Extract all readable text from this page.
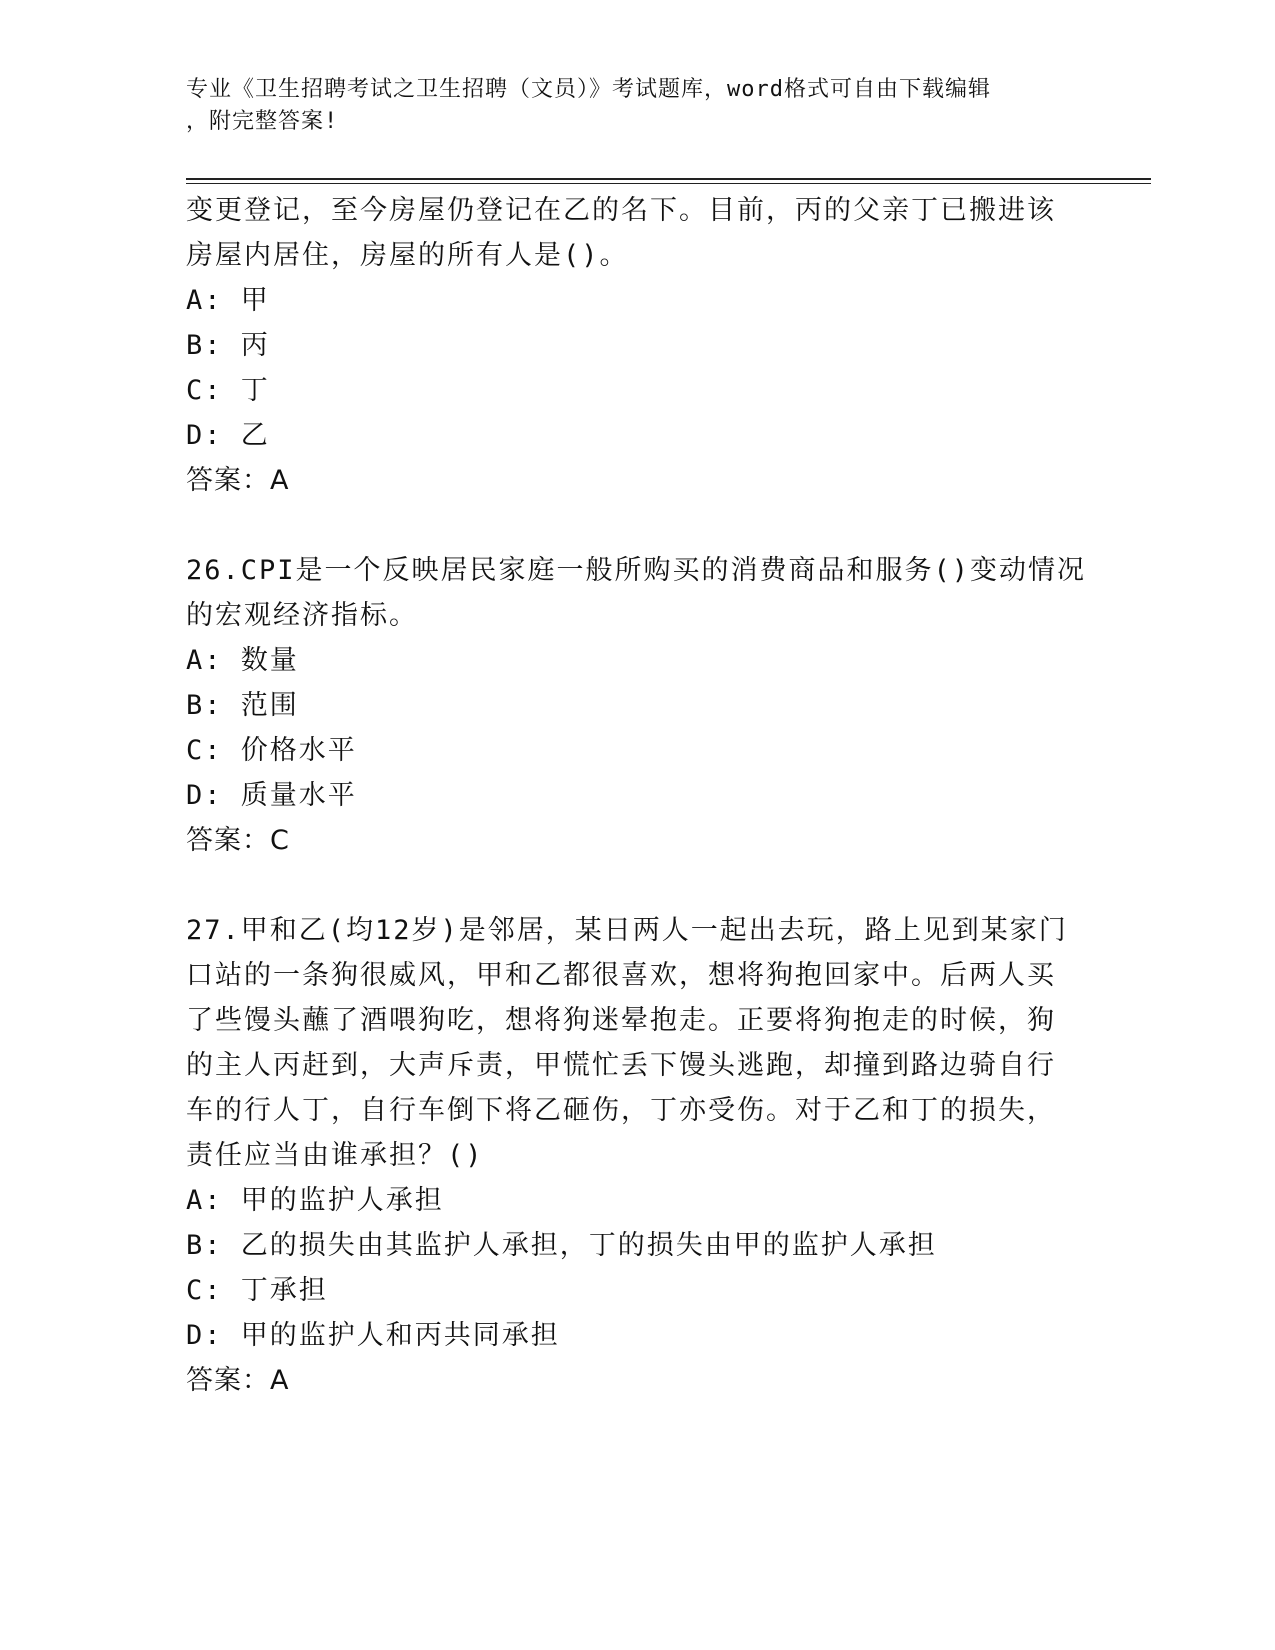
专业《卫生招聘考试之卫生招聘（文员）》考试题库，word格式可自由下载编辑
，附完整答案!
变更登记，至今房屋仍登记在乙的名下。目前，丙的父亲丁已搬进该
房屋内居住，房屋的所有人是()。
A: 甲
B: 丙
C: 丁
D: 乙
答案：A
26.CPI是一个反映居民家庭一般所购买的消费商品和服务()变动情况
的宏观经济指标。
A: 数量
B: 范围
C: 价格水平
D: 质量水平
答案：C
27.甲和乙(均12岁)是邻居，某日两人一起出去玩，路上见到某家门
口站的一条狗很威风，甲和乙都很喜欢，想将狗抱回家中。后两人买
了些馒头蘸了酒喂狗吃，想将狗迷晕抱走。正要将狗抱走的时候，狗
的主人丙赶到，大声斥责，甲慌忙丢下馒头逃跑，却撞到路边骑自行
车的行人丁，自行车倒下将乙砸伤，丁亦受伤。对于乙和丁的损失，
责任应当由谁承担？()
A: 甲的监护人承担
B: 乙的损失由其监护人承担，丁的损失由甲的监护人承担
C: 丁承担
D: 甲的监护人和丙共同承担
答案：A
